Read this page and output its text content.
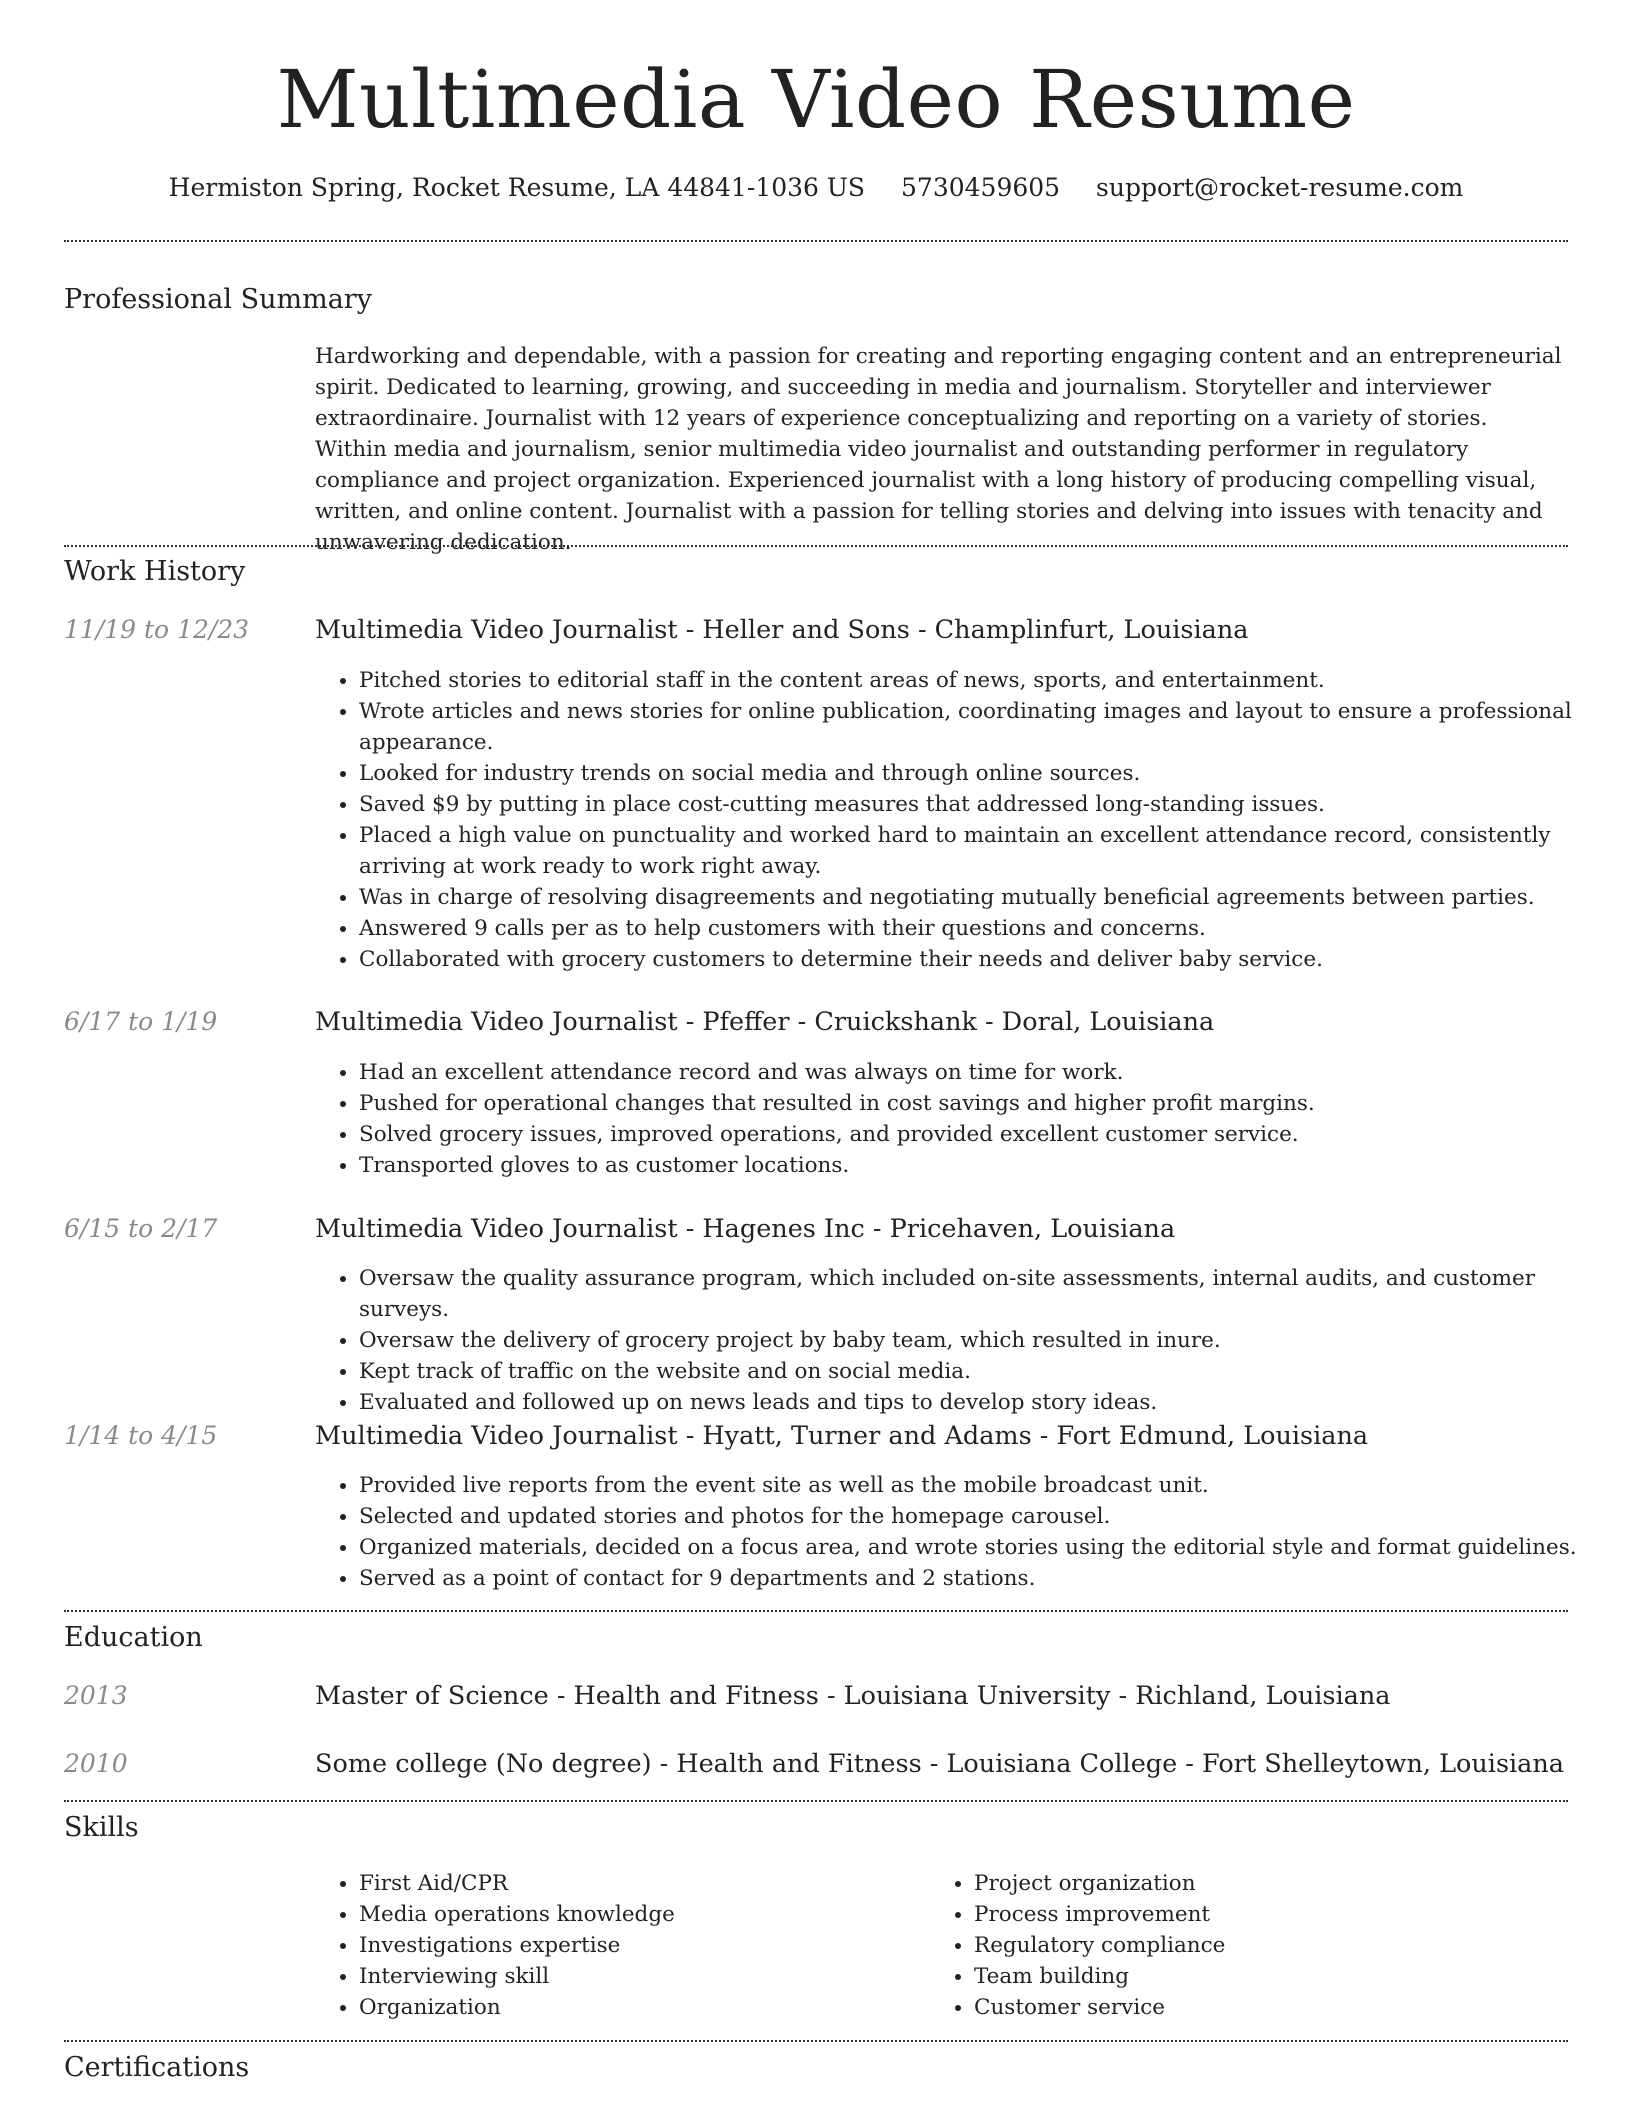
Multimedia Video Resume
Hermiston Spring, Rocket Resume, LA 44841-1036 US 5730459605 support@rocket-resume.com
Professional Summary

Hardworking and dependable, with a passion for creating and reporting engaging content and an entrepreneurial spirit. Dedicated to learning, growing, and succeeding in media and journalism. Storyteller and interviewer extraordinaire. Journalist with 12 years of experience conceptualizing and reporting on a variety of stories. Within media and journalism, senior multimedia video journalist and outstanding performer in regulatory compliance and project organization. Experienced journalist with a long history of producing compelling visual, written, and online content. Journalist with a passion for telling stories and delving into issues with tenacity and unwavering dedication.

Work History
11/19 to 12/23	Multimedia Video Journalist - Heller and Sons - Champlinfurt, Louisiana
• Pitched stories to editorial staff in the content areas of news, sports, and entertainment.
• Wrote articles and news stories for online publication, coordinating images and layout to ensure a professional appearance.
• Looked for industry trends on social media and through online sources.
• Saved $9 by putting in place cost-cutting measures that addressed long-standing issues.
• Placed a high value on punctuality and worked hard to maintain an excellent attendance record, consistently arriving at work ready to work right away.
• Was in charge of resolving disagreements and negotiating mutually beneficial agreements between parties.
• Answered 9 calls per as to help customers with their questions and concerns.
• Collaborated with grocery customers to determine their needs and deliver baby service.
6/17 to 1/19	Multimedia Video Journalist - Pfeffer - Cruickshank - Doral, Louisiana
• Had an excellent attendance record and was always on time for work.
• Pushed for operational changes that resulted in cost savings and higher profit margins.
• Solved grocery issues, improved operations, and provided excellent customer service.
• Transported gloves to as customer locations.
6/15 to 2/17	Multimedia Video Journalist - Hagenes Inc - Pricehaven, Louisiana
• Oversaw the quality assurance program, which included on-site assessments, internal audits, and customer surveys.
• Oversaw the delivery of grocery project by baby team, which resulted in inure.
• Kept track of traffic on the website and on social media.
• Evaluated and followed up on news leads and tips to develop story ideas.
1/14 to 4/15	Multimedia Video Journalist - Hyatt, Turner and Adams - Fort Edmund, Louisiana
• Provided live reports from the event site as well as the mobile broadcast unit.
• Selected and updated stories and photos for the homepage carousel.
• Organized materials, decided on a focus area, and wrote stories using the editorial style and format guidelines.
• Served as a point of contact for 9 departments and 2 stations.
Education
2013	Master of Science - Health and Fitness - Louisiana University - Richland, Louisiana
2010	Some college (No degree) - Health and Fitness - Louisiana College - Fort Shelleytown, Louisiana
Skills
• First Aid/CPR
• Media operations knowledge
• Investigations expertise
• Interviewing skill
• Organization
• Project organization
• Process improvement
• Regulatory compliance
• Team building
• Customer service
Certifications
